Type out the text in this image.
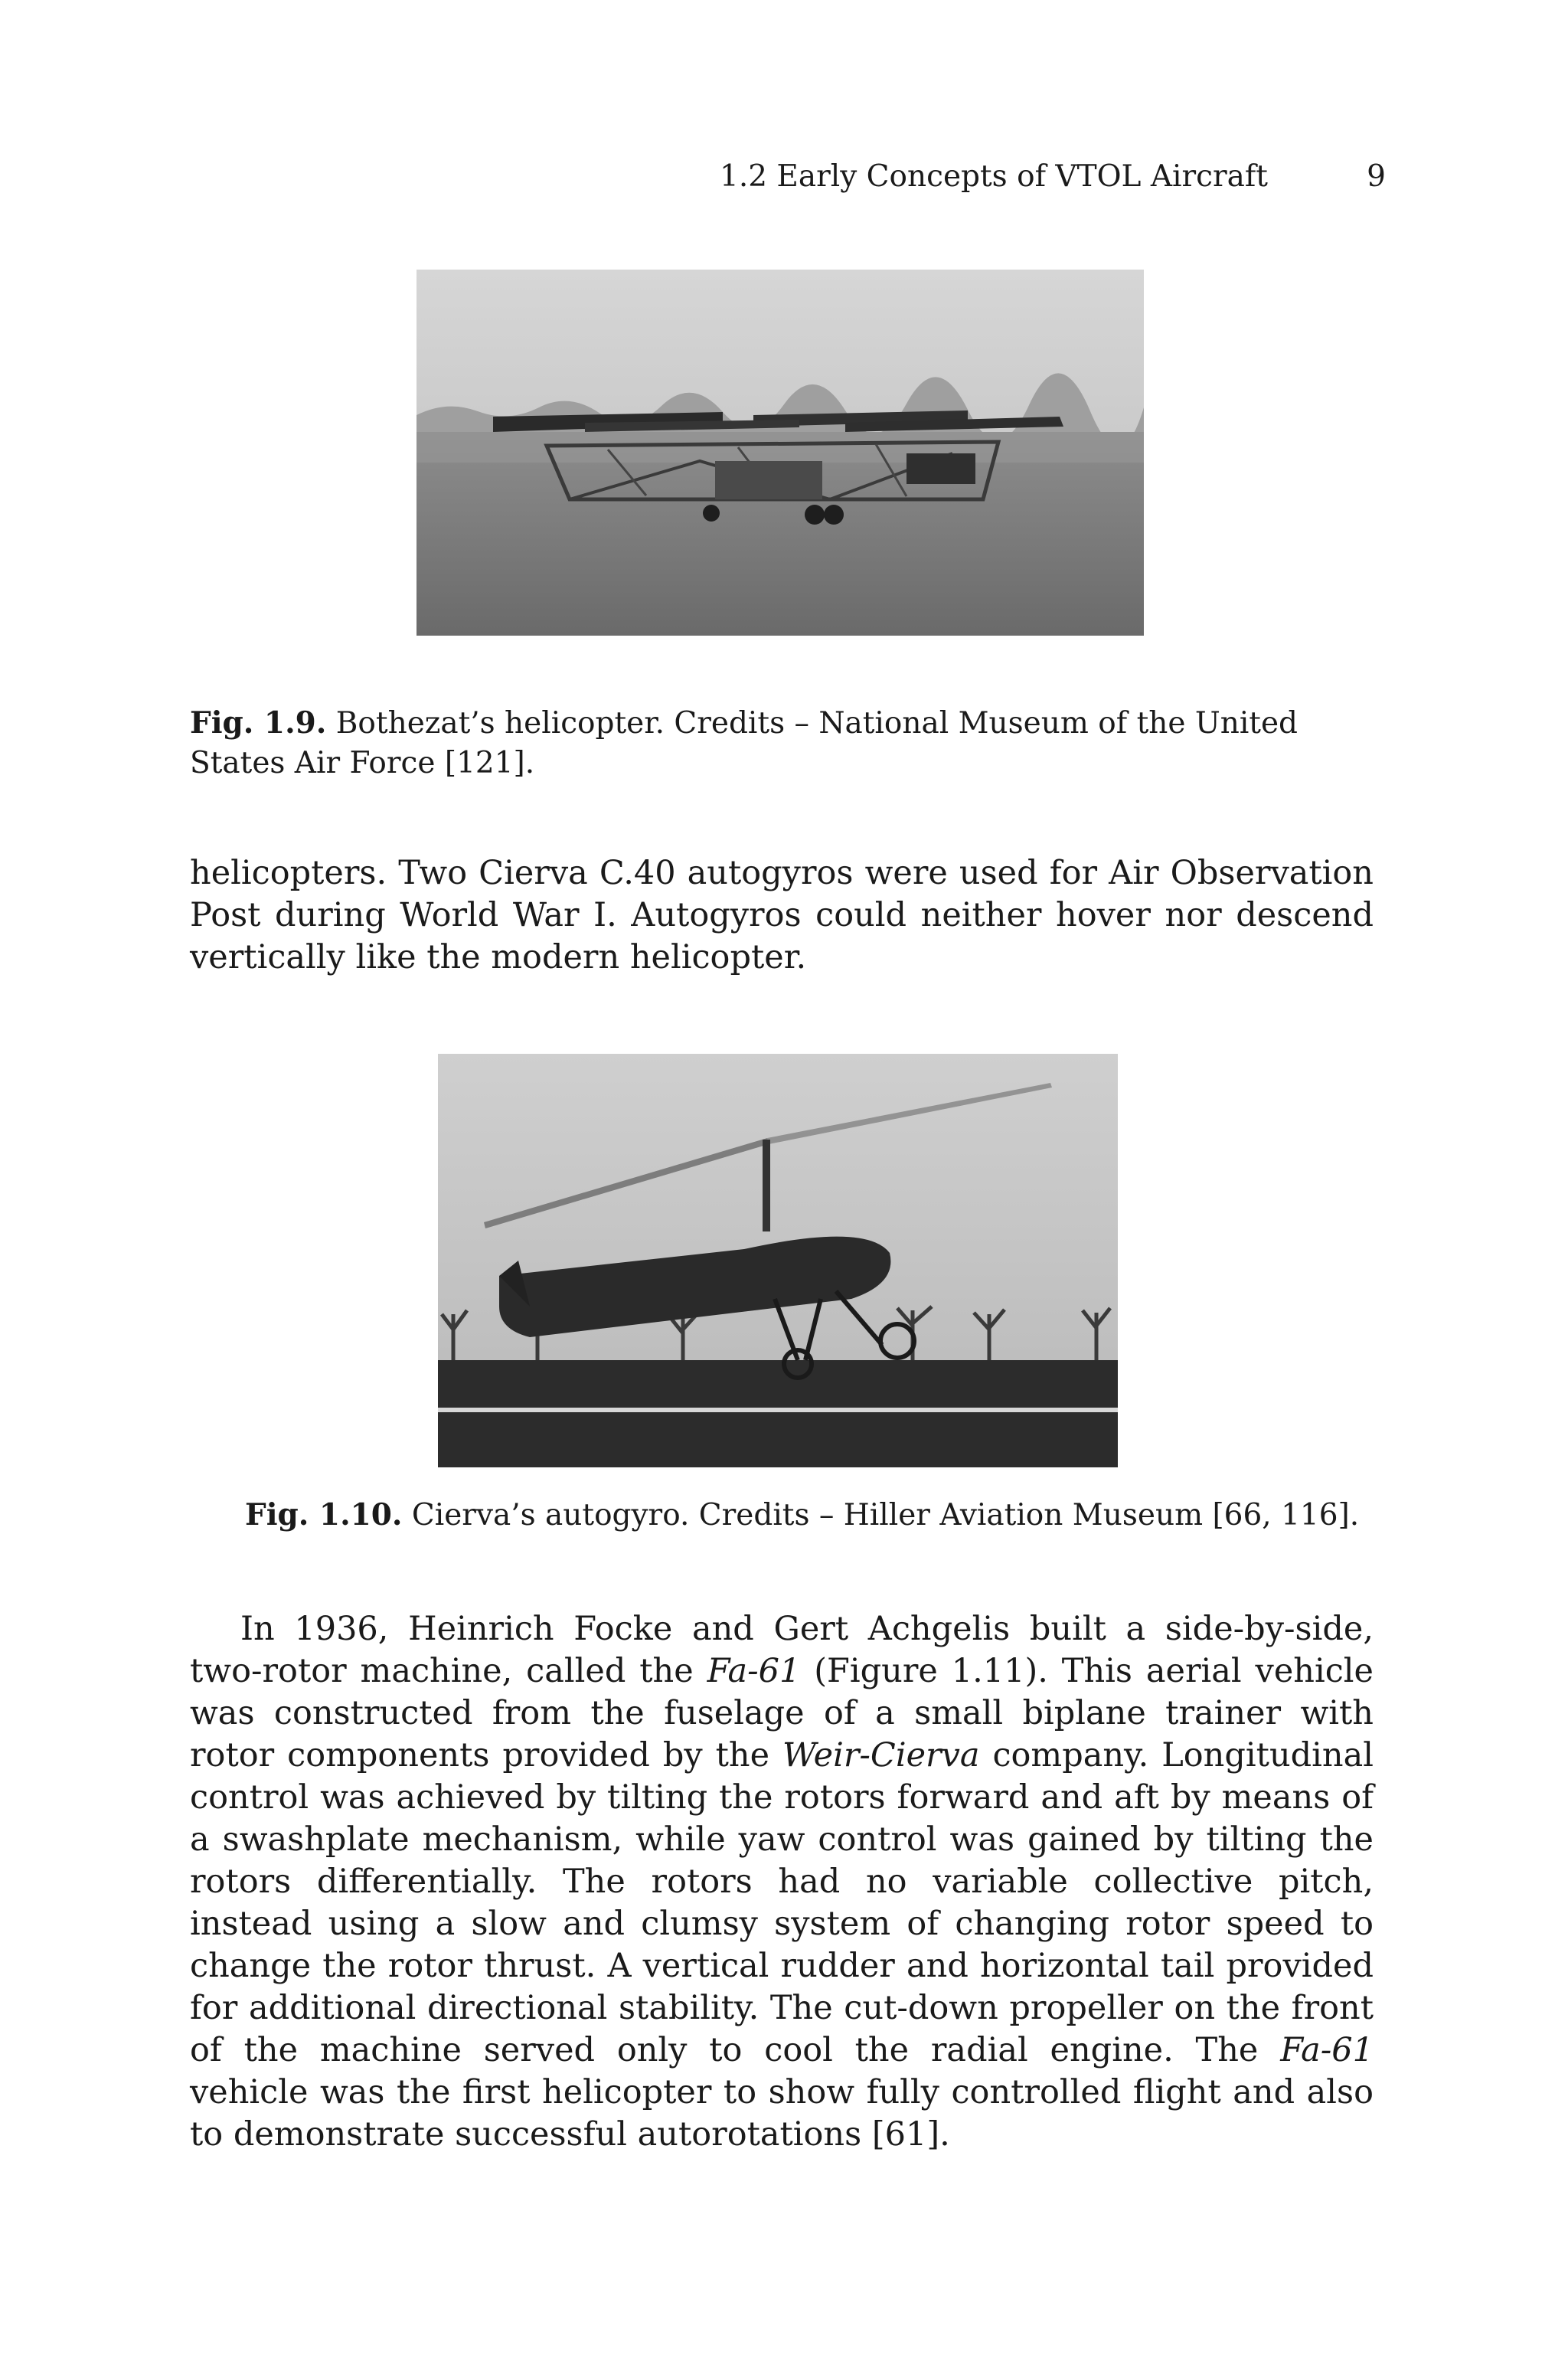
1.2 Early Concepts of VTOL Aircraft	9
Fig. 1.9. Bothezat’s helicopter. Credits – National Museum of the United States Air Force [121].

helicopters. Two Cierva C.40 autogyros were used for Air Observation Post during World War I. Autogyros could neither hover nor descend vertically like the modern helicopter.

Fig. 1.10. Cierva’s autogyro. Credits – Hiller Aviation Museum [66, 116].

In 1936, Heinrich Focke and Gert Achgelis built a side-by-side, two-rotor machine, called the Fa-61 (Figure 1.11). This aerial vehicle was constructed from the fuselage of a small biplane trainer with rotor components provided by the Weir-Cierva company. Longitudinal control was achieved by tilting the rotors forward and aft by means of a swashplate mechanism, while yaw control was gained by tilting the rotors differentially. The rotors had no variable collective pitch, instead using a slow and clumsy system of changing rotor speed to change the rotor thrust. A vertical rudder and horizontal tail provided for additional directional stability. The cut-down propeller on the front of the machine served only to cool the radial engine. The Fa-61 vehicle was the first helicopter to show fully controlled flight and also to demonstrate successful autorotations [61].
